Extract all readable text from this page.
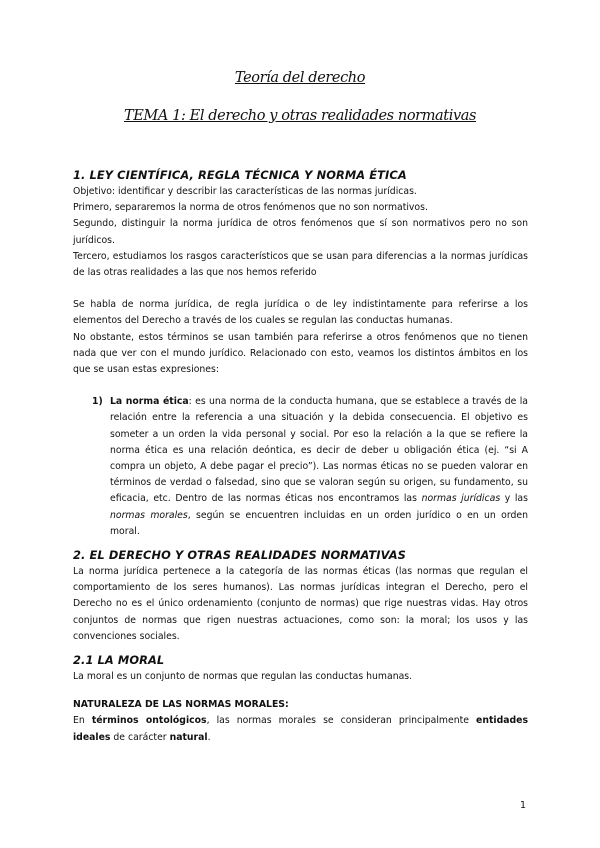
Teoría del derecho
TEMA 1: El derecho y otras realidades normativas
1. LEY CIENTÍFICA, REGLA TÉCNICA Y NORMA ÉTICA

Objetivo: identificar y describir las características de las normas jurídicas.

Primero, separaremos la norma de otros fenómenos que no son normativos.

Segundo, distinguir la norma jurídica de otros fenómenos que sí son normativos pero no son jurídicos.

Tercero, estudiamos los rasgos característicos que se usan para diferencias a la normas jurídicas de las otras realidades a las que nos hemos referido

Se habla de norma jurídica, de regla jurídica o de ley indistintamente para referirse a los elementos del Derecho a través de los cuales se regulan las conductas humanas.

No obstante, estos términos se usan también para referirse a otros fenómenos que no tienen nada que ver con el mundo jurídico. Relacionado con esto, veamos los distintos ámbitos en los que se usan estas expresiones:

1) La norma ética: es una norma de la conducta humana, que se establece a través de la relación entre la referencia a una situación y la debida consecuencia. El objetivo es someter a un orden la vida personal y social. Por eso la relación a la que se refiere la norma ética es una relación deóntica, es decir de deber u obligación ética (ej. “si A compra un objeto, A debe pagar el precio”). Las normas éticas no se pueden valorar en términos de verdad o falsedad, sino que se valoran según su origen, su fundamento, su eficacia, etc. Dentro de las normas éticas nos encontramos las normas jurídicas y las normas morales, según se encuentren incluidas en un orden jurídico o en un orden moral.
2. EL DERECHO Y OTRAS REALIDADES NORMATIVAS

La norma jurídica pertenece a la categoría de las normas éticas (las normas que regulan el comportamiento de los seres humanos). Las normas jurídicas integran el Derecho, pero el Derecho no es el único ordenamiento (conjunto de normas) que rige nuestras vidas. Hay otros conjuntos de normas que rigen nuestras actuaciones, como son: la moral; los usos y las convenciones sociales.

2.1 LA MORAL

La moral es un conjunto de normas que regulan las conductas humanas.

NATURALEZA DE LAS NORMAS MORALES:

En términos ontológicos, las normas morales se consideran principalmente entidades ideales de carácter natural.

1
